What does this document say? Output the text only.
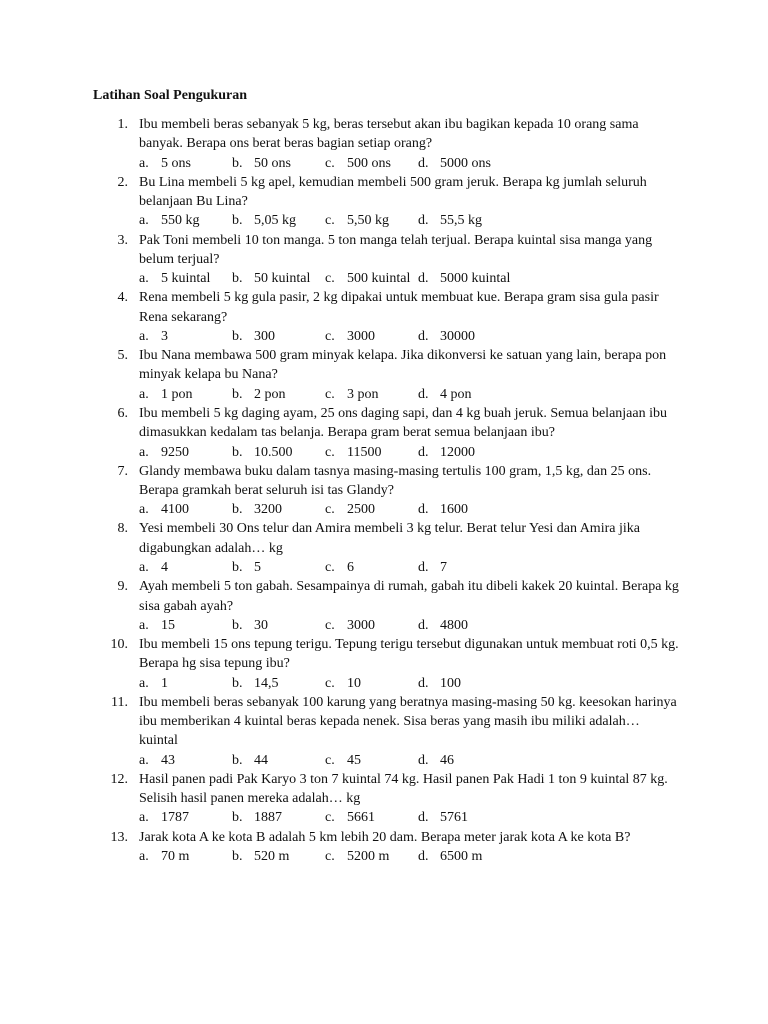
Latihan Soal Pengukuran
1. Ibu membeli beras sebanyak 5 kg, beras tersebut akan ibu bagikan kepada 10 orang sama banyak. Berapa ons berat beras bagian setiap orang?

a. 5 ons	b. 50 ons c. 500 ons d. 5000 ons
2. Bu Lina membeli 5 kg apel, kemudian membeli 500 gram jeruk. Berapa kg jumlah seluruh belanjaan Bu Lina?

a. 550 kg b. 5,05 kg c. 5,50 kg d. 55,5 kg
3. Pak Toni membeli 10 ton manga. 5 ton manga telah terjual. Berapa kuintal sisa manga yang belum terjual?

a. 5 kuintal b. 50 kuintal c. 500 kuintal d. 5000 kuintal
4. Rena membeli 5 kg gula pasir, 2 kg dipakai untuk membuat kue. Berapa gram sisa gula pasir Rena sekarang?

a. 3	b. 300	c. 3000	d. 30000
5. Ibu Nana membawa 500 gram minyak kelapa. Jika dikonversi ke satuan yang lain, berapa pon minyak kelapa bu Nana?

a. 1 pon	b. 2 pon	c. 3 pon	d. 4 pon
6. Ibu membeli 5 kg daging ayam, 25 ons daging sapi, dan 4 kg buah jeruk. Semua belanjaan ibu dimasukkan kedalam tas belanja. Berapa gram berat semua belanjaan ibu?

a. 9250	b. 10.500 c. 11500	d. 12000
7. Glandy membawa buku dalam tasnya masing-masing tertulis 100 gram, 1,5 kg, dan 25 ons. Berapa gramkah berat seluruh isi tas Glandy?

a. 4100	b. 3200	c. 2500	d. 1600
8. Yesi membeli 30 Ons telur dan Amira membeli 3 kg telur. Berat telur Yesi dan Amira jika digabungkan adalah… kg

a. 4	b. 5	c. 6	d. 7
9. Ayah membeli 5 ton gabah. Sesampainya di rumah, gabah itu dibeli kakek 20 kuintal. Berapa kg sisa gabah ayah?

a. 15	b. 30	c. 3000	d. 4800
10. Ibu membeli 15 ons tepung terigu. Tepung terigu tersebut digunakan untuk membuat roti 0,5 kg. Berapa hg sisa tepung ibu?

a. 1	b. 14,5	c. 10	d. 100
11. Ibu membeli beras sebanyak 100 karung yang beratnya masing-masing 50 kg. keesokan harinya ibu memberikan 4 kuintal beras kepada nenek. Sisa beras yang masih ibu miliki adalah… kuintal

a. 43	b. 44	c. 45	d. 46
12. Hasil panen padi Pak Karyo 3 ton 7 kuintal 74 kg. Hasil panen Pak Hadi 1 ton 9 kuintal 87 kg. Selisih hasil panen mereka adalah… kg

a. 1787	b. 1887	c. 5661	d. 5761
13. Jarak kota A ke kota B adalah 5 km lebih 20 dam. Berapa meter jarak kota A ke kota B?

a. 70 m	b. 520 m	c. 5200 m d. 6500 m
